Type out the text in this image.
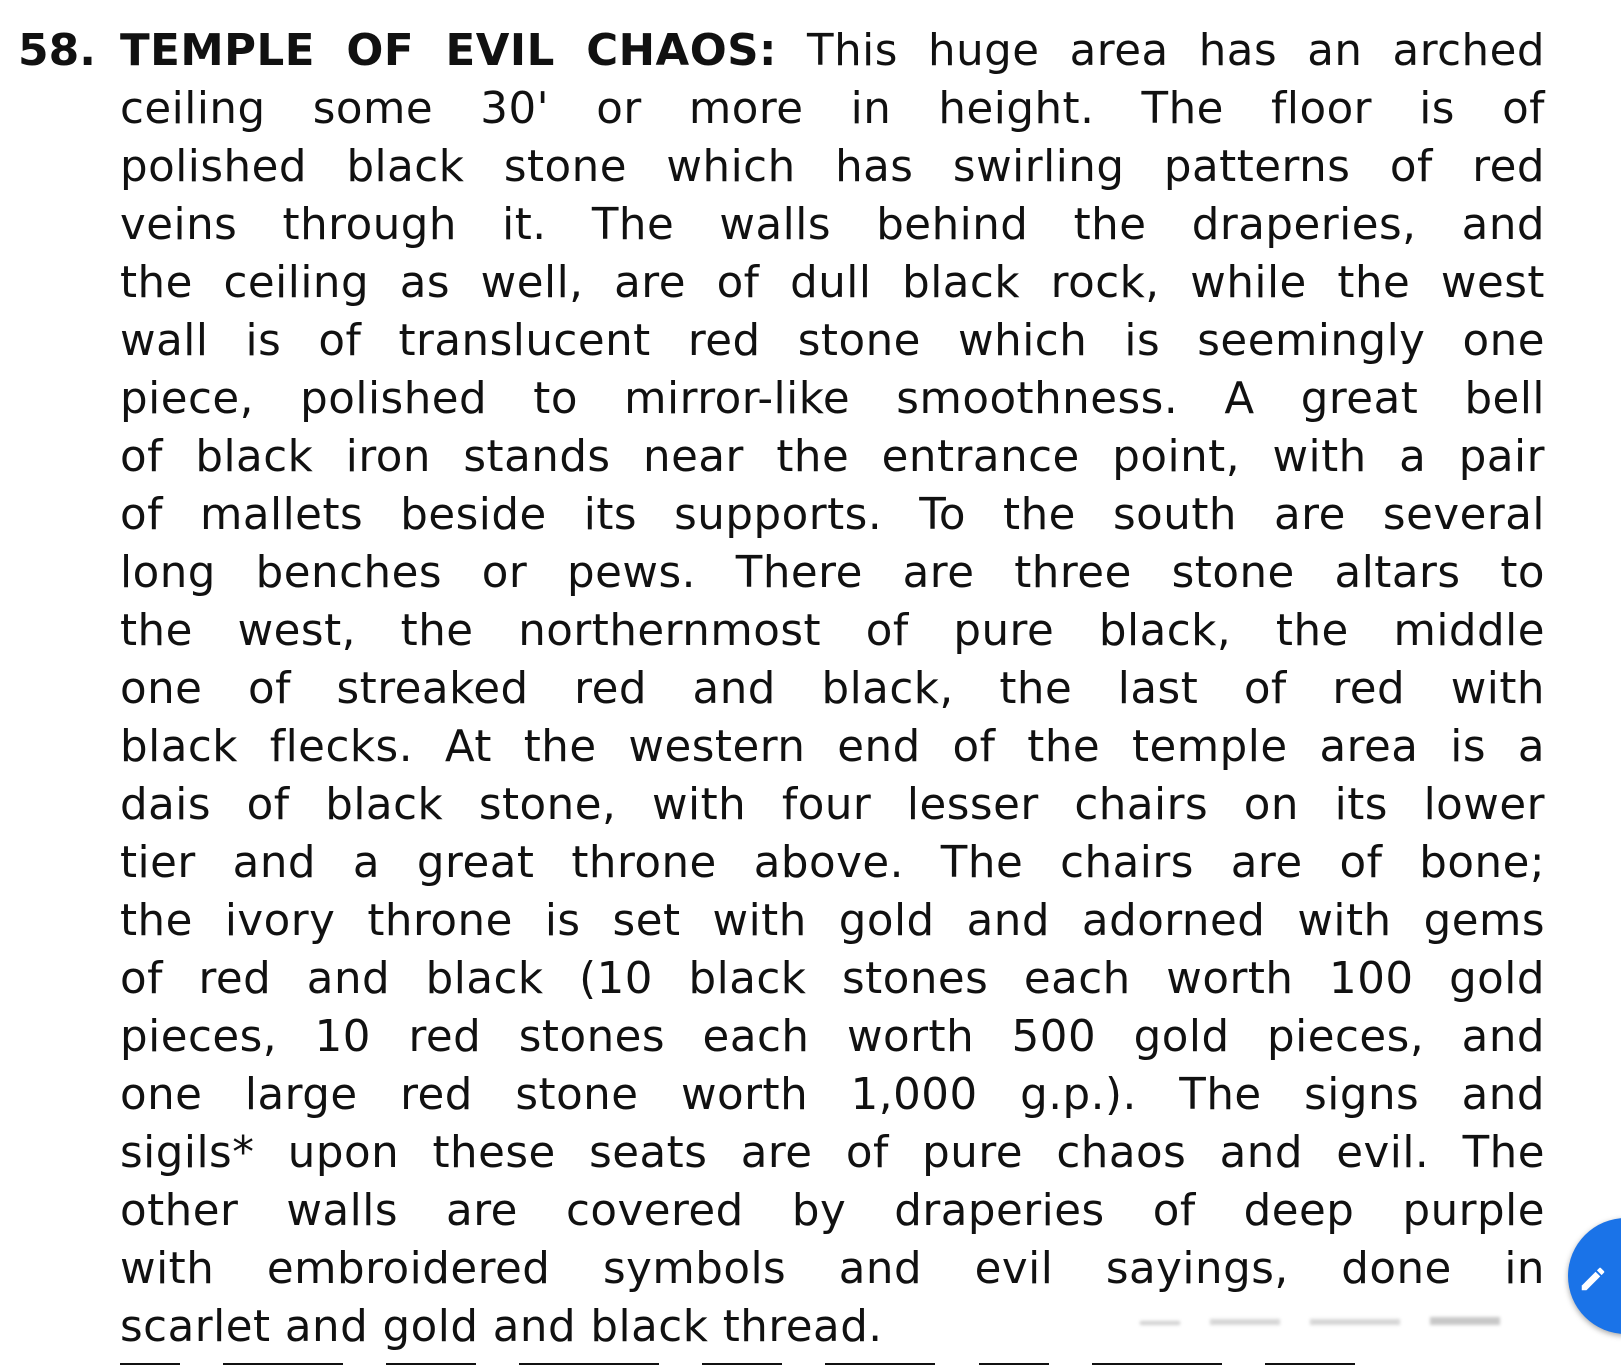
58. TEMPLE OF EVIL CHAOS: This huge area has an arched
ceiling some 30' or more in height. The floor is of
polished black stone which has swirling patterns of red
veins through it. The walls behind the draperies, and
the ceiling as well, are of dull black rock, while the west
wall is of translucent red stone which is seemingly one
piece, polished to mirror-like smoothness. A great bell
of black iron stands near the entrance point, with a pair
of mallets beside its supports. To the south are several
long benches or pews. There are three stone altars to
the west, the northernmost of pure black, the middle
one of streaked red and black, the last of red with
black flecks. At the western end of the temple area is a
dais of black stone, with four lesser chairs on its lower
tier and a great throne above. The chairs are of bone;
the ivory throne is set with gold and adorned with gems
of red and black (10 black stones each worth 100 gold
pieces, 10 red stones each worth 500 gold pieces, and
one large red stone worth 1,000 g.p.). The signs and
sigils* upon these seats are of pure chaos and evil. The
other walls are covered by draperies of deep purple
with embroidered symbols and evil sayings, done in
scarlet and gold and black thread.
